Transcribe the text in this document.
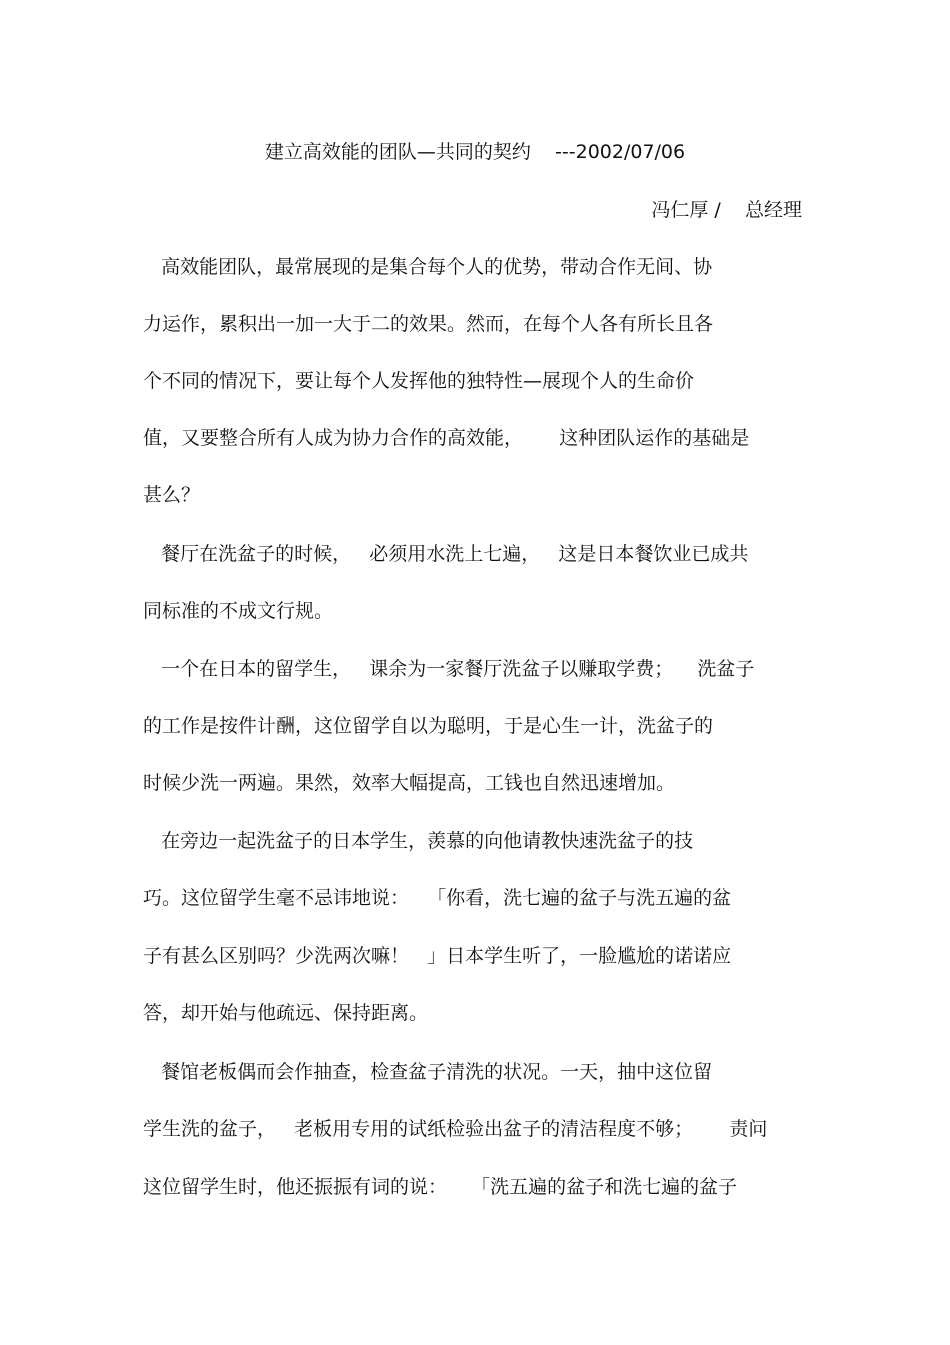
建立高效能的团队—共同的契约    ---2002/07/06
冯仁厚 /    总经理
高效能团队，最常展现的是集合每个人的优势，带动合作无间、协
力运作，累积出一加一大于二的效果。然而，在每个人各有所长且各
个不同的情况下，要让每个人发挥他的独特性—展现个人的生命价
值，又要整合所有人成为协力合作的高效能，      这种团队运作的基础是
甚么？
餐厅在洗盆子的时候，   必须用水洗上七遍，   这是日本餐饮业已成共
同标准的不成文行规。
一个在日本的留学生，   课余为一家餐厅洗盆子以赚取学费；    洗盆子
的工作是按件计酬，这位留学自以为聪明，于是心生一计，洗盆子的
时候少洗一两遍。果然，效率大幅提高，工钱也自然迅速增加。
在旁边一起洗盆子的日本学生，羡慕的向他请教快速洗盆子的技
巧。这位留学生毫不忌讳地说：   「你看，洗七遍的盆子与洗五遍的盆
子有甚么区别吗？少洗两次嘛！   」日本学生听了，一脸尴尬的诺诺应
答，却开始与他疏远、保持距离。
餐馆老板偶而会作抽查，检查盆子清洗的状况。一天，抽中这位留
学生洗的盆子，   老板用专用的试纸检验出盆子的清洁程度不够；      责问
这位留学生时，他还振振有词的说：    「洗五遍的盆子和洗七遍的盆子
